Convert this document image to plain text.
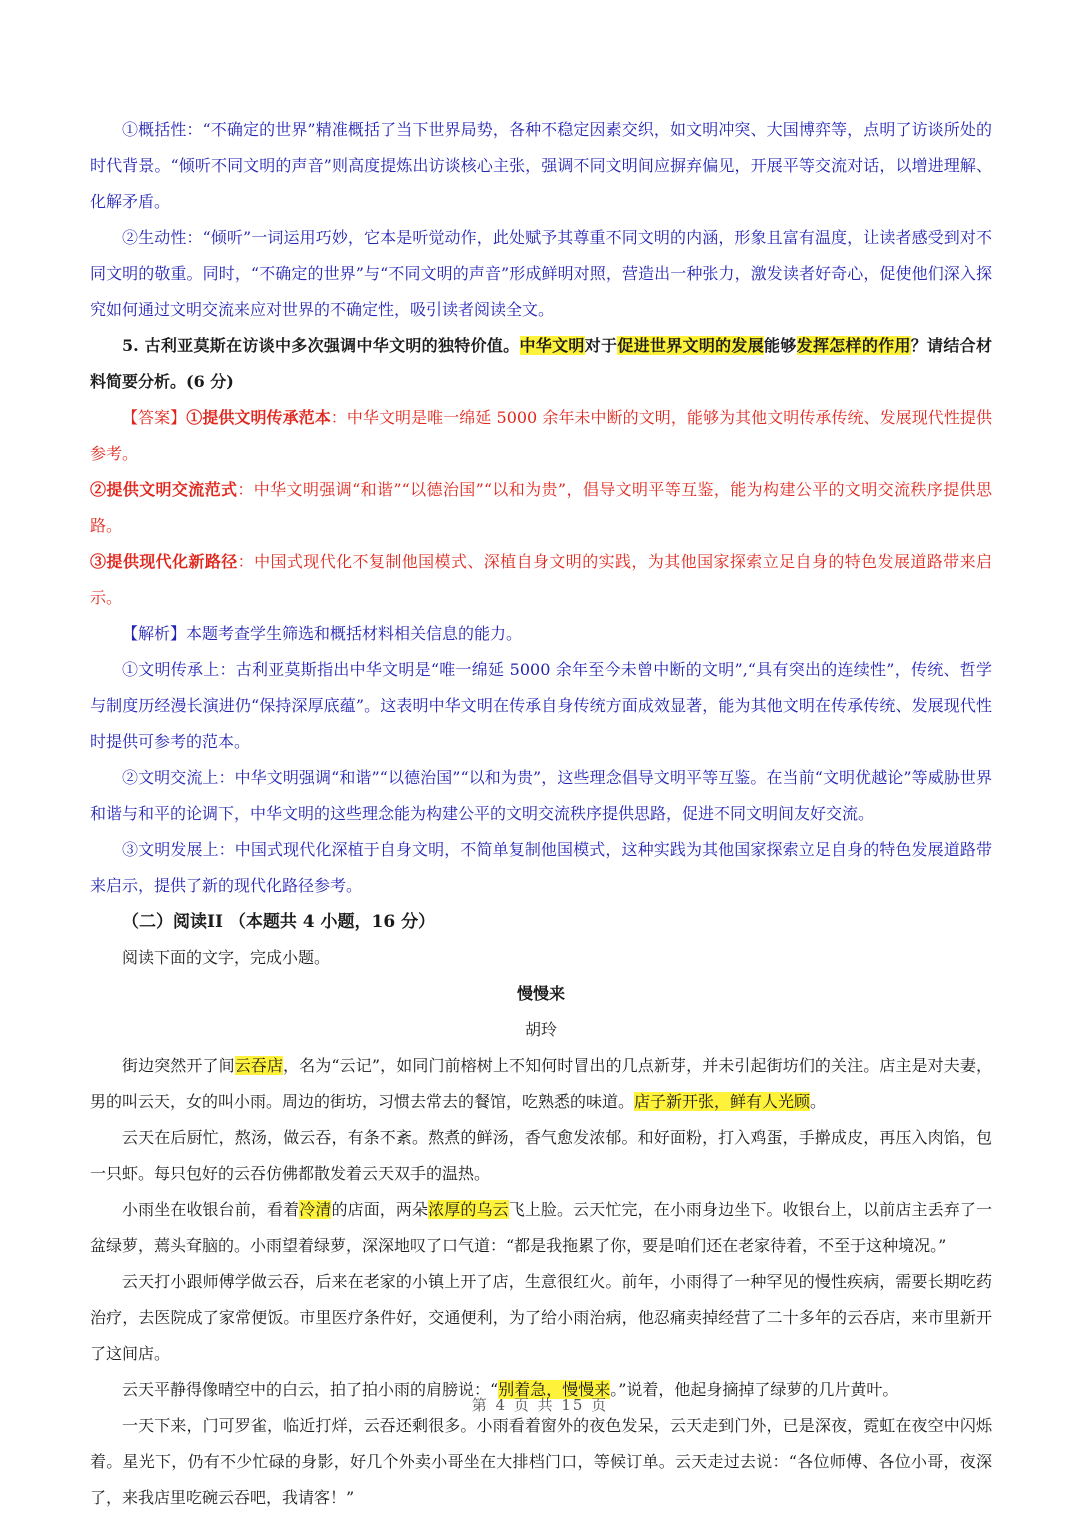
①概括性：“不确定的世界”精准概括了当下世界局势，各种不稳定因素交织，如文明冲突、大国博弈等，点明了访谈所处的时代背景。“倾听不同文明的声音”则高度提炼出访谈核心主张，强调不同文明间应摒弃偏见，开展平等交流对话，以增进理解、化解矛盾。

②生动性：“倾听”一词运用巧妙，它本是听觉动作，此处赋予其尊重不同文明的内涵，形象且富有温度，让读者感受到对不同文明的敬重。同时，“不确定的世界”与“不同文明的声音”形成鲜明对照，营造出一种张力，激发读者好奇心，促使他们深入探究如何通过文明交流来应对世界的不确定性，吸引读者阅读全文。

5. 古利亚莫斯在访谈中多次强调中华文明的独特价值。中华文明对于促进世界文明的发展能够发挥怎样的作用？请结合材料简要分析。(6 分)

【答案】①提供文明传承范本：中华文明是唯一绵延 5000 余年未中断的文明，能够为其他文明传承传统、发展现代性提供参考。

②提供文明交流范式：中华文明强调“和谐”“以德治国”“以和为贵”，倡导文明平等互鉴，能为构建公平的文明交流秩序提供思路。

③提供现代化新路径：中国式现代化不复制他国模式、深植自身文明的实践，为其他国家探索立足自身的特色发展道路带来启示。

【解析】本题考查学生筛选和概括材料相关信息的能力。

①文明传承上：古利亚莫斯指出中华文明是“唯一绵延 5000 余年至今未曾中断的文明”,“具有突出的连续性”，传统、哲学与制度历经漫长演进仍“保持深厚底蕴”。这表明中华文明在传承自身传统方面成效显著，能为其他文明在传承传统、发展现代性时提供可参考的范本。

②文明交流上：中华文明强调“和谐”“以德治国”“以和为贵”，这些理念倡导文明平等互鉴。在当前“文明优越论”等威胁世界和谐与和平的论调下，中华文明的这些理念能为构建公平的文明交流秩序提供思路，促进不同文明间友好交流。

③文明发展上：中国式现代化深植于自身文明，不简单复制他国模式，这种实践为其他国家探索立足自身的特色发展道路带来启示，提供了新的现代化路径参考。

（二）阅读II （本题共 4 小题，16 分）

阅读下面的文字，完成小题。

慢慢来

胡玲

街边突然开了间云吞店，名为“云记”，如同门前榕树上不知何时冒出的几点新芽，并未引起街坊们的关注。店主是对夫妻，男的叫云天，女的叫小雨。周边的街坊，习惯去常去的餐馆，吃熟悉的味道。店子新开张，鲜有人光顾。

云天在后厨忙，熬汤，做云吞，有条不紊。熬煮的鲜汤，香气愈发浓郁。和好面粉，打入鸡蛋，手擀成皮，再压入肉馅，包一只虾。每只包好的云吞仿佛都散发着云天双手的温热。

小雨坐在收银台前，看着冷清的店面，两朵浓厚的乌云飞上脸。云天忙完，在小雨身边坐下。收银台上，以前店主丢弃了一盆绿萝，蔫头耷脑的。小雨望着绿萝，深深地叹了口气道：“都是我拖累了你，要是咱们还在老家待着，不至于这种境况。”

云天打小跟师傅学做云吞，后来在老家的小镇上开了店，生意很红火。前年，小雨得了一种罕见的慢性疾病，需要长期吃药治疗，去医院成了家常便饭。市里医疗条件好，交通便利，为了给小雨治病，他忍痛卖掉经营了二十多年的云吞店，来市里新开了这间店。

云天平静得像晴空中的白云，拍了拍小雨的肩膀说：“别着急，慢慢来。”说着，他起身摘掉了绿萝的几片黄叶。

一天下来，门可罗雀，临近打烊，云吞还剩很多。小雨看着窗外的夜色发呆，云天走到门外，已是深夜，霓虹在夜空中闪烁着。星光下，仍有不少忙碌的身影，好几个外卖小哥坐在大排档门口，等候订单。云天走过去说：“各位师傅、各位小哥，夜深了，来我店里吃碗云吞吧，我请客！”

第 4 页 共 15 页
